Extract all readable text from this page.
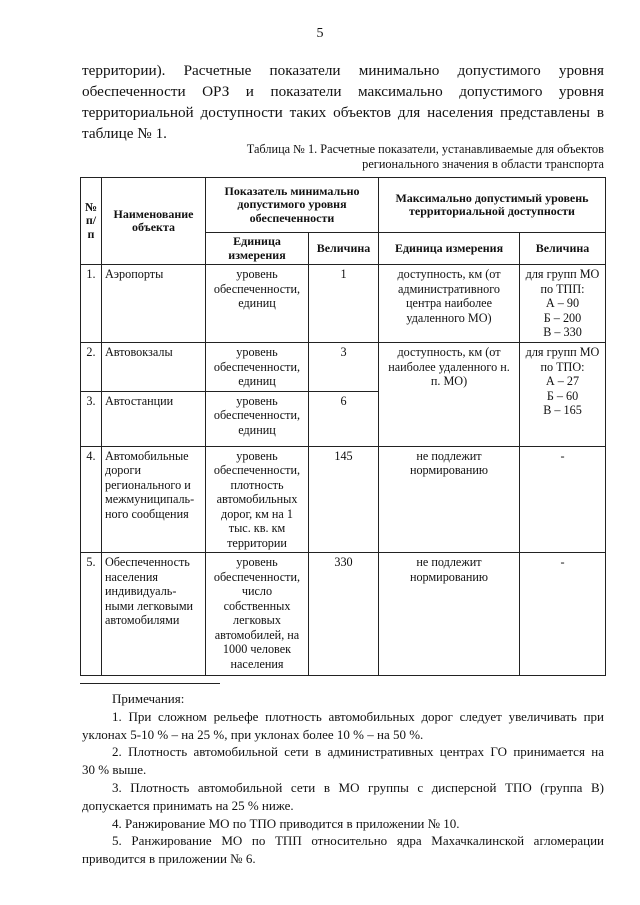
5
территории). Расчетные показатели минимально допустимого уровня
обеспеченности ОРЗ и показатели максимально допустимого уровня
территориальной доступности таких объектов для населения представлены в
таблице № 1.
Таблица № 1. Расчетные показатели, устанавливаемые для объектов
регионального значения в области транспорта
№ п/п	Наименование объекта	Показатель минимально допустимого уровня обеспеченности		Максимально допустимый уровень территориальной доступности	
		Единица измерения	Величина	Единица измерения	Величина
1.	Аэропорты	уровень обеспеченности, единиц	1	доступность, км (от административного центра наиболее удаленного МО)	для групп МО
по ТПП:
А – 90
Б – 200
В – 330

2.	Автовокзалы	уровень обеспеченности, единиц	3	доступность, км (от наиболее удаленного н. п. МО)	для групп МО
по ТПО:
А – 27
Б – 60
В – 165

3.	Автостанции	уровень обеспеченности, единиц	6		
4.	Автомобильные дороги регионального и межмуниципаль-ного сообщения	уровень обеспеченности, плотность автомобильных дорог, км на 1 тыс. кв. км территории	145	не подлежит нормированию	-
5.	Обеспеченность населения индивидуаль-ными легковыми автомобилями	уровень обеспеченности, число собственных легковых автомобилей, на 1000 человек населения	330	не подлежит нормированию	-

Примечания:

1. При сложном рельефе плотность автомобильных дорог следует увеличивать при

уклонах 5-10 % – на 25 %, при уклонах более 10 % – на 50 %.

2. Плотность автомобильной сети в административных центрах ГО принимается на

30 % выше.

3. Плотность автомобильной сети в МО группы с дисперсной ТПО (группа В)

допускается принимать на 25 % ниже.

4. Ранжирование МО по ТПО приводится в приложении № 10.

5. Ранжирование МО по ТПП относительно ядра Махачкалинской агломерации

приводится в приложении № 6.
